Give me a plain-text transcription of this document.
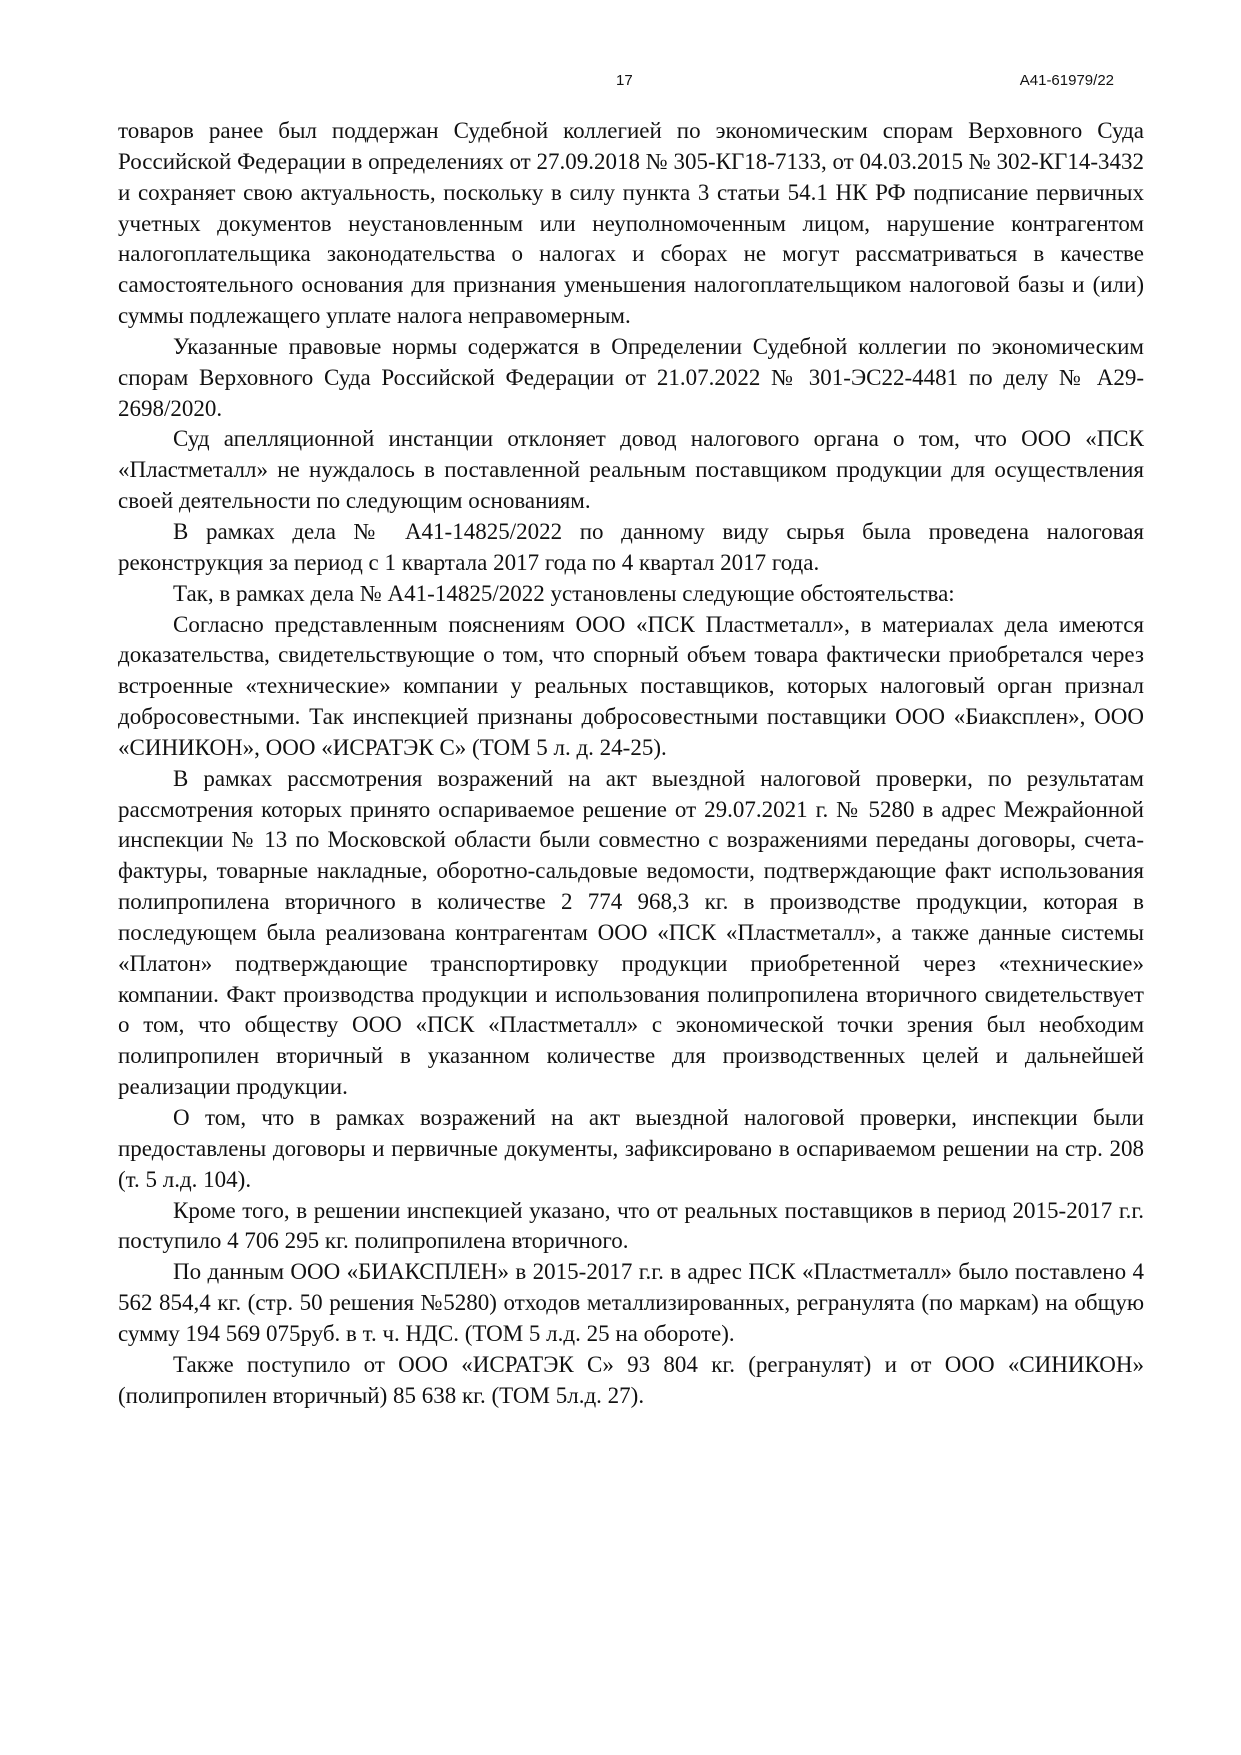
17	А41-61979/22

товаров ранее был поддержан Судебной коллегией по экономическим спорам Верховного Суда Российской Федерации в определениях от 27.09.2018 № 305-КГ18-7133, от 04.03.2015 № 302-КГ14-3432 и сохраняет свою актуальность, поскольку в силу пункта 3 статьи 54.1 НК РФ подписание первичных учетных документов неустановленным или неуполномоченным лицом, нарушение контрагентом налогоплательщика законодательства о налогах и сборах не могут рассматриваться в качестве самостоятельного основания для признания уменьшения налогоплательщиком налоговой базы и (или) суммы подлежащего уплате налога неправомерным.

Указанные правовые нормы содержатся в Определении Судебной коллегии по экономическим спорам Верховного Суда Российской Федерации от 21.07.2022 № 301-ЭС22-4481 по делу № А29-2698/2020.

Суд апелляционной инстанции отклоняет довод налогового органа о том, что ООО «ПСК «Пластметалл» не нуждалось в поставленной реальным поставщиком продукции для осуществления своей деятельности по следующим основаниям.

В рамках дела № А41-14825/2022 по данному виду сырья была проведена налоговая реконструкция за период с 1 квартала 2017 года по 4 квартал 2017 года.

Так, в рамках дела № А41-14825/2022 установлены следующие обстоятельства:

Согласно представленным пояснениям ООО «ПСК Пластметалл», в материалах дела имеются доказательства, свидетельствующие о том, что спорный объем товара фактически приобретался через встроенные «технические» компании у реальных поставщиков, которых налоговый орган признал добросовестными. Так инспекцией признаны добросовестными поставщики ООО «Биаксплен», ООО «СИНИКОН», ООО «ИСРАТЭК С» (ТОМ 5 л. д. 24-25).

В рамках рассмотрения возражений на акт выездной налоговой проверки, по результатам рассмотрения которых принято оспариваемое решение от 29.07.2021 г. № 5280 в адрес Межрайонной инспекции № 13 по Московской области были совместно с возражениями переданы договоры, счета-фактуры, товарные накладные, оборотно-сальдовые ведомости, подтверждающие факт использования полипропилена вторичного в количестве 2 774 968,3 кг. в производстве продукции, которая в последующем была реализована контрагентам ООО «ПСК «Пластметалл», а также данные системы «Платон» подтверждающие транспортировку продукции приобретенной через «технические» компании. Факт производства продукции и использования полипропилена вторичного свидетельствует о том, что обществу ООО «ПСК «Пластметалл» с экономической точки зрения был необходим полипропилен вторичный в указанном количестве для производственных целей и дальнейшей реализации продукции.

О том, что в рамках возражений на акт выездной налоговой проверки, инспекции были предоставлены договоры и первичные документы, зафиксировано в оспариваемом решении на стр. 208 (т. 5 л.д. 104).

Кроме того, в решении инспекцией указано, что от реальных поставщиков в период 2015-2017 г.г. поступило 4 706 295 кг. полипропилена вторичного.

По данным ООО «БИАКСПЛЕН» в 2015-2017 г.г. в адрес ПСК «Пластметалл» было поставлено 4 562 854,4 кг. (стр. 50 решения №5280) отходов металлизированных, регранулята (по маркам) на общую сумму 194 569 075руб. в т. ч. НДС. (ТОМ 5 л.д. 25 на обороте).

Также поступило от ООО «ИСРАТЭК С» 93 804 кг. (регранулят) и от ООО «СИНИКОН» (полипропилен вторичный) 85 638 кг. (ТОМ 5л.д. 27).
